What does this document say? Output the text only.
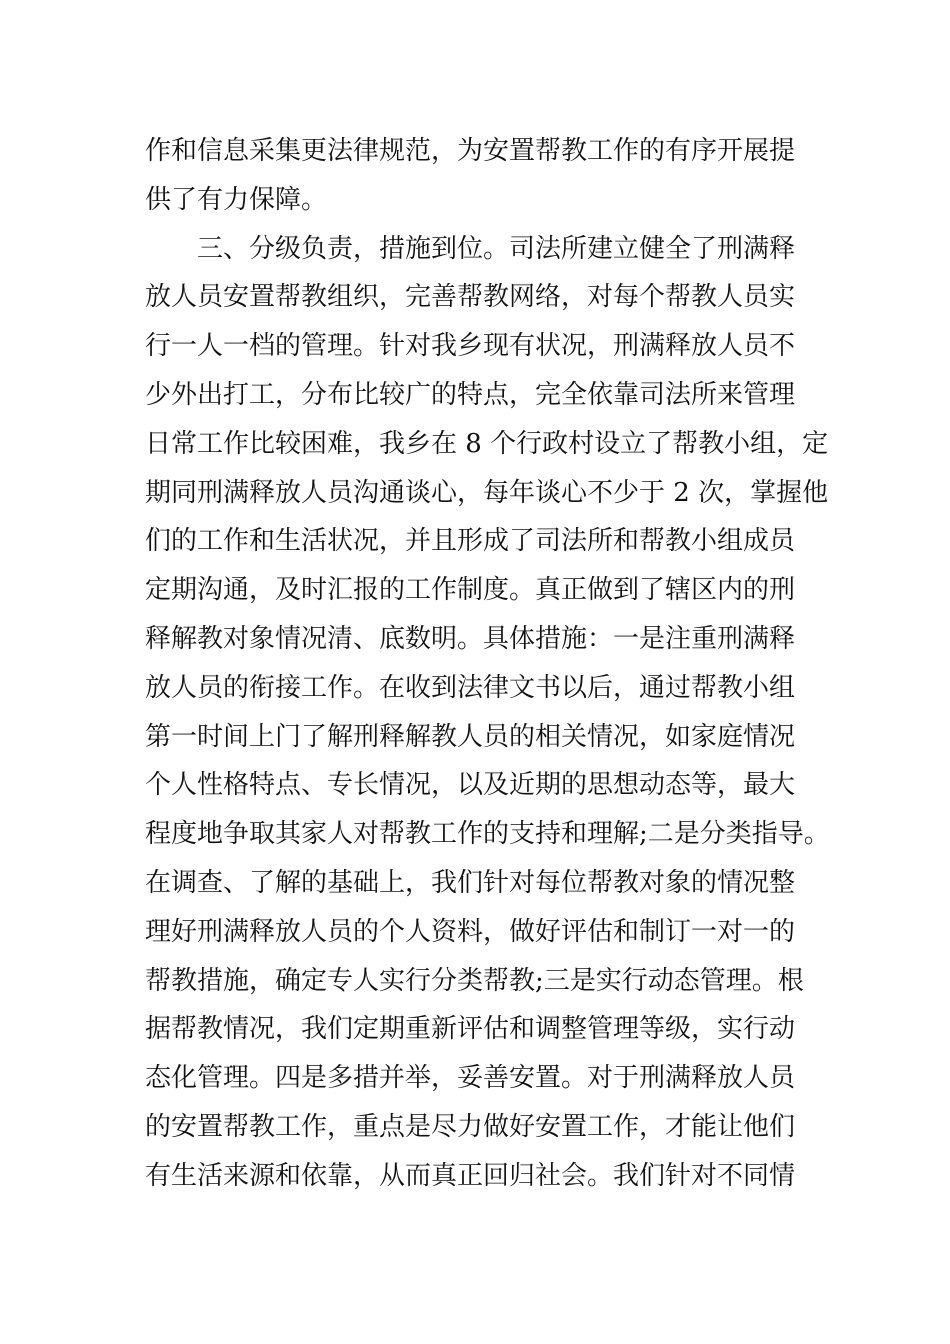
作和信息采集更法律规范，为安置帮教工作的有序开展提
供了有力保障。
三、分级负责，措施到位。司法所建立健全了刑满释
放人员安置帮教组织，完善帮教网络，对每个帮教人员实
行一人一档的管理。针对我乡现有状况，刑满释放人员不
少外出打工，分布比较广的特点，完全依靠司法所来管理
日常工作比较困难，我乡在 8 个行政村设立了帮教小组，定
期同刑满释放人员沟通谈心，每年谈心不少于 2 次，掌握他
们的工作和生活状况，并且形成了司法所和帮教小组成员
定期沟通，及时汇报的工作制度。真正做到了辖区内的刑
释解教对象情况清、底数明。具体措施：一是注重刑满释
放人员的衔接工作。在收到法律文书以后，通过帮教小组
第一时间上门了解刑释解教人员的相关情况，如家庭情况
个人性格特点、专长情况，以及近期的思想动态等，最大
程度地争取其家人对帮教工作的支持和理解;二是分类指导。
在调查、了解的基础上，我们针对每位帮教对象的情况整
理好刑满释放人员的个人资料，做好评估和制订一对一的
帮教措施，确定专人实行分类帮教;三是实行动态管理。根
据帮教情况，我们定期重新评估和调整管理等级，实行动
态化管理。四是多措并举，妥善安置。对于刑满释放人员
的安置帮教工作，重点是尽力做好安置工作，才能让他们
有生活来源和依靠，从而真正回归社会。我们针对不同情
